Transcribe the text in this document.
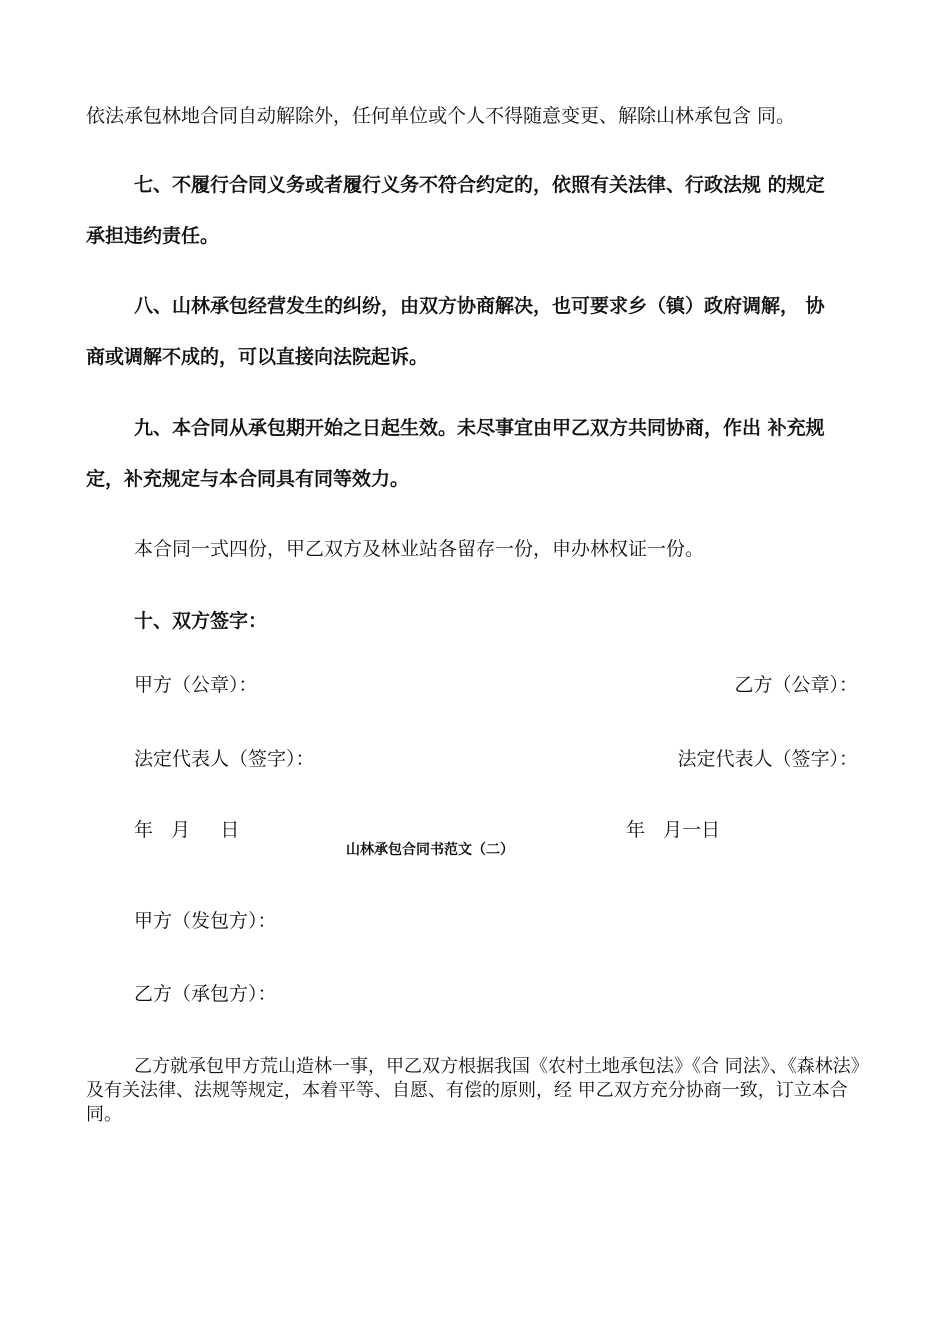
依法承包林地合同自动解除外，任何单位或个人不得随意变更、解除山林承包含 同。
七、不履行合同义务或者履行义务不符合约定的，依照有关法律、行政法规 的规定
承担违约责任。
八、山林承包经营发生的纠纷，由双方协商解决，也可要求乡（镇）政府调解， 协
商或调解不成的，可以直接向法院起诉。
九、本合同从承包期开始之日起生效。未尽事宜由甲乙双方共同协商，作出 补充规
定，补充规定与本合同具有同等效力。
本合同一式四份，甲乙双方及林业站各留存一份，申办林权证一份。
十、双方签字：
甲方（公章）：	乙方（公章）：
法定代表人（签字）：	法定代表人（签字）：
年   月     日	年   月一日
山林承包合同书范文（二）
甲方（发包方）：
乙方（承包方）：
乙方就承包甲方荒山造林一事，甲乙双方根据我国《农村土地承包法》《合 同法》、《森林法》及有关法律、法规等规定，本着平等、自愿、有偿的原则，经 甲乙双方充分协商一致，订立本合同。
